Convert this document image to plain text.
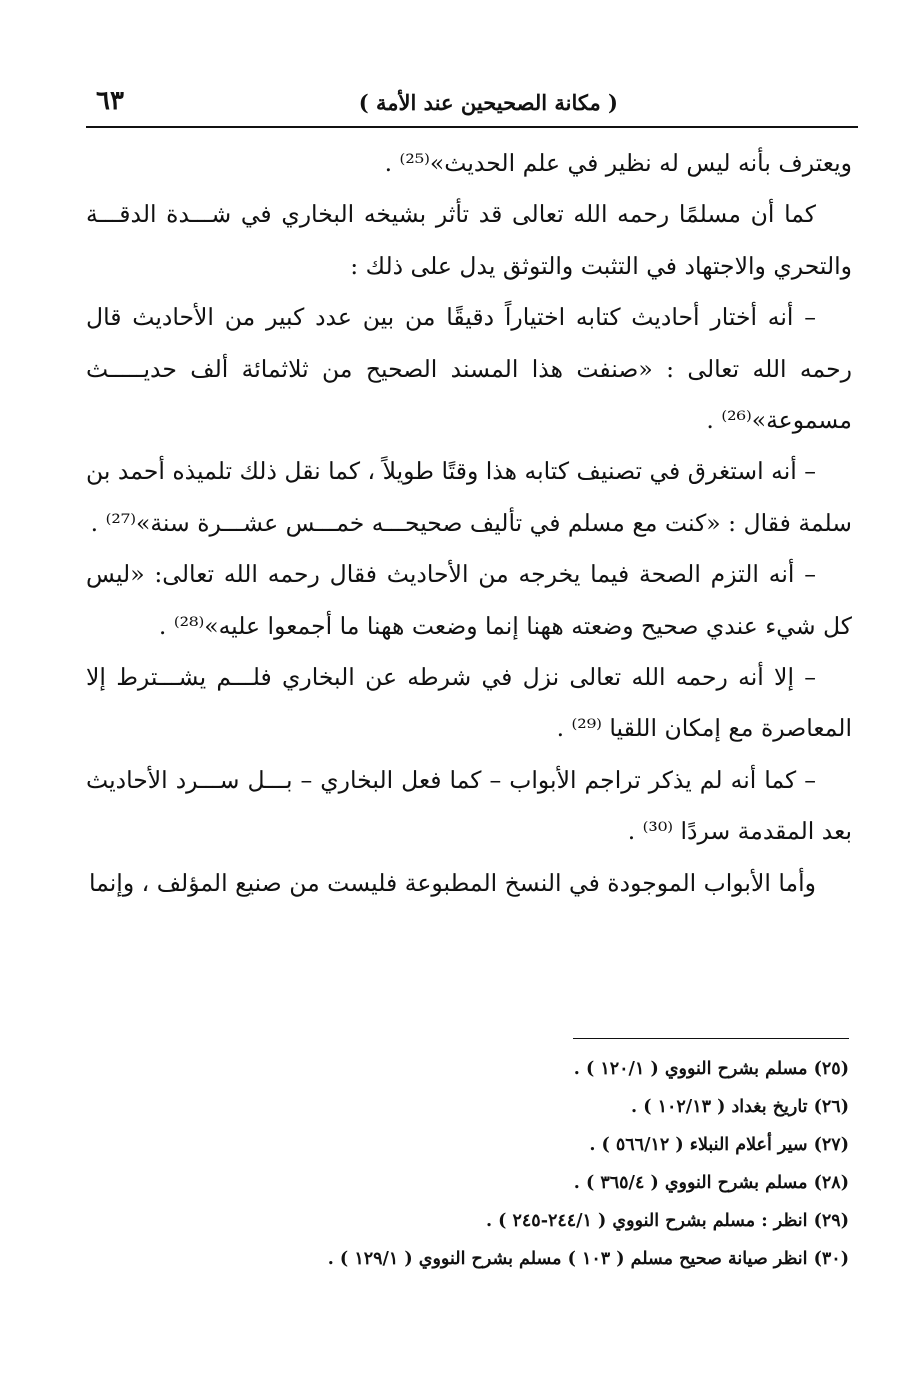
( مكانة الصحيحين عند الأمة )
٦٣

ويعترف بأنه ليس له نظير في علم الحديث»⁽²⁵⁾ .

كما أن مسلمًا رحمه الله تعالى قد تأثر بشيخه البخاري في شـــدة الدقـــة والتحري والاجتهاد في التثبت والتوثق يدل على ذلك :

– أنه أختار أحاديث كتابه اختياراً دقيقًا من بين عدد كبير من الأحاديث قال رحمه الله تعالى : «صنفت هذا المسند الصحيح من ثلاثمائة ألف حديـــــث مسموعة»⁽²⁶⁾ .

– أنه استغرق في تصنيف كتابه هذا وقتًا طويلاً ، كما نقل ذلك تلميذه أحمد بن سلمة فقال : «كنت مع مسلم في تأليف صحيحـــه خمـــس عشـــرة سنة»⁽²⁷⁾ .

– أنه التزم الصحة فيما يخرجه من الأحاديث فقال رحمه الله تعالى: «ليس كل شيء عندي صحيح وضعته ههنا إنما وضعت ههنا ما أجمعوا عليه»⁽²⁸⁾ .

– إلا أنه رحمه الله تعالى نزل في شرطه عن البخاري فلـــم يشـــترط إلا المعاصرة مع إمكان اللقيا ⁽²⁹⁾ .

– كما أنه لم يذكر تراجم الأبواب – كما فعل البخاري – بـــل ســـرد الأحاديث بعد المقدمة سردًا ⁽³⁰⁾ .

وأما الأبواب الموجودة في النسخ المطبوعة فليست من صنيع المؤلف ، وإنما

(٢٥) مسلم بشرح النووي ( ١٢٠/١ ) .
(٢٦) تاريخ بغداد ( ١٠٢/١٣ ) .
(٢٧) سير أعلام النبلاء ( ٥٦٦/١٢ ) .
(٢٨) مسلم بشرح النووي ( ٣٦٥/٤ ) .
(٢٩) انظر : مسلم بشرح النووي ( ٢٤٤/١-٢٤٥ ) .
(٣٠) انظر صيانة صحيح مسلم ( ١٠٣ ) مسلم بشرح النووي ( ١٢٩/١ ) .
